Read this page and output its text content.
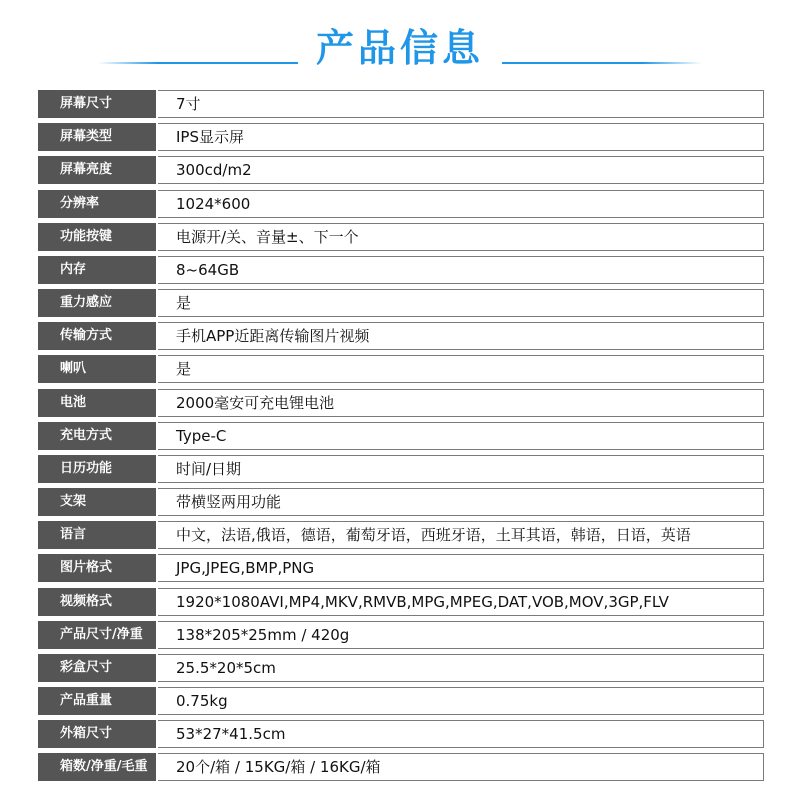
产品信息
屏幕尺寸	7寸
屏幕类型	IPS显示屏
屏幕亮度	300cd/m2
分辨率	1024*600
功能按键	电源开/关、音量±、下一个
内存	8~64GB
重力感应	是
传输方式	手机APP近距离传输图片视频
喇叭	是
电池	2000毫安可充电锂电池
充电方式	Type-C
日历功能	时间/日期
支架	带横竖两用功能
语言	中文，法语,俄语，德语，葡萄牙语，西班牙语，土耳其语，韩语，日语，英语
图片格式	JPG,JPEG,BMP,PNG
视频格式	1920*1080AVI,MP4,MKV,RMVB,MPG,MPEG,DAT,VOB,MOV,3GP,FLV
产品尺寸/净重	138*205*25mm / 420g
彩盒尺寸	25.5*20*5cm
产品重量	0.75kg
外箱尺寸	53*27*41.5cm
箱数/净重/毛重	20个/箱 / 15KG/箱 / 16KG/箱
